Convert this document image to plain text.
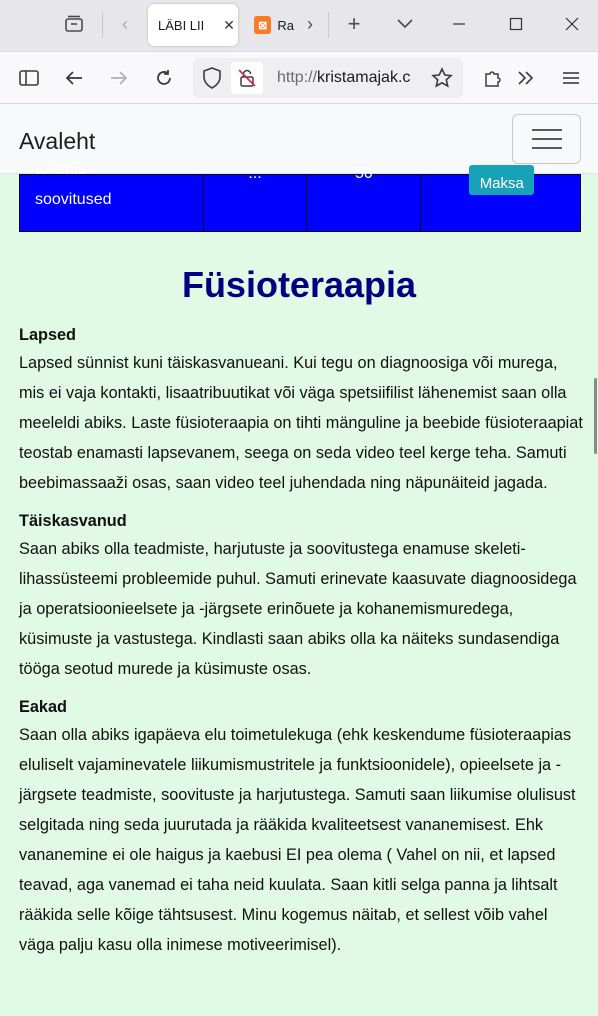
‹	LÄBI LII	✕	⊠ Ra ›	+
http://kristamajak.c
Avaleht
tulemis-
soovitused

...	50

Maksa
Füsioteraapia
Lapsed

Lapsed sünnist kuni täiskasvanueani. Kui tegu on diagnoosiga või murega, mis ei vaja kontakti, lisaatribuutikat või väga spetsiifilist lähenemist saan olla meeleldi abiks. Laste füsioteraapia on tihti mänguline ja beebide füsioteraapiat teostab enamasti lapsevanem, seega on seda video teel kerge teha. Samuti beebimassaaži osas, saan video teel juhendada ning näpunäiteid jagada.

Täiskasvanud

Saan abiks olla teadmiste, harjutuste ja soovitustega enamuse skeleti-lihassüsteemi probleemide puhul. Samuti erinevate kaasuvate diagnoosidega ja operatsioonieelsete ja -järgsete erinõuete ja kohanemismuredega, küsimuste ja vastustega. Kindlasti saan abiks olla ka näiteks sundasendiga tööga seotud murede ja küsimuste osas.

Eakad

Saan olla abiks igapäeva elu toimetulekuga (ehk keskendume füsioteraapias eluliselt vajaminevatele liikumismustritele ja funktsioonidele), opieelsete ja -järgsete teadmiste, soovituste ja harjutustega. Samuti saan liikumise olulisust selgitada ning seda juurutada ja rääkida kvaliteetsest vananemisest. Ehk vananemine ei ole haigus ja kaebusi EI pea olema ( Vahel on nii, et lapsed teavad, aga vanemad ei taha neid kuulata. Saan kitli selga panna ja lihtsalt rääkida selle kõige tähtsusest. Minu kogemus näitab, et sellest võib vahel väga palju kasu olla inimese motiveerimisel).
